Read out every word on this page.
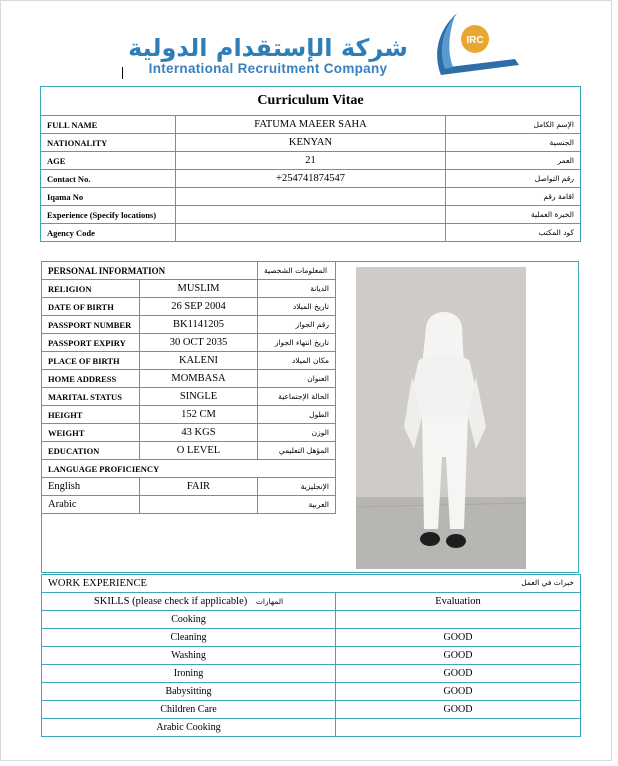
شركة الإستقدام الدولية
International Recruitment Company
IRC
Curriculum Vitae		
FULL NAME	FATUMA MAEER SAHA	الإسم الكامل
NATIONALITY	KENYAN	الجنسية
AGE	21	العمر
Contact No.	+254741874547	رقم التواصل
Iqama No		اقامة رقم
Experience (Specify locations)		الخبرة العملية
Agency Code		كود المكتب
PERSONAL INFORMATION		المعلومات الشخصية
RELIGION	MUSLIM	الديانة
DATE OF BIRTH	26 SEP 2004	تاريخ الميلاد
PASSPORT NUMBER	BK1141205	رقم الجواز
PASSPORT EXPIRY	30 OCT 2035	تاريخ انتهاء الجواز
PLACE OF BIRTH	KALENI	مكان الميلاد
HOME ADDRESS	MOMBASA	العنوان
MARITAL STATUS	SINGLE	الحالة الإجتماعية
HEIGHT	152 CM	الطول
WEIGHT	43 KGS	الوزن
EDUCATION	O LEVEL	المؤهل التعليمي
LANGUAGE PROFICIENCY		
English	FAIR	الإنجليزية
Arabic		العربية
WORK EXPERIENCE خبرات في العمل	

SKILLS (please check if applicable) المهارات	Evaluation
Cooking	
Cleaning	GOOD
Washing	GOOD
Ironing	GOOD
Babysitting	GOOD
Children Care	GOOD
Arabic Cooking	
